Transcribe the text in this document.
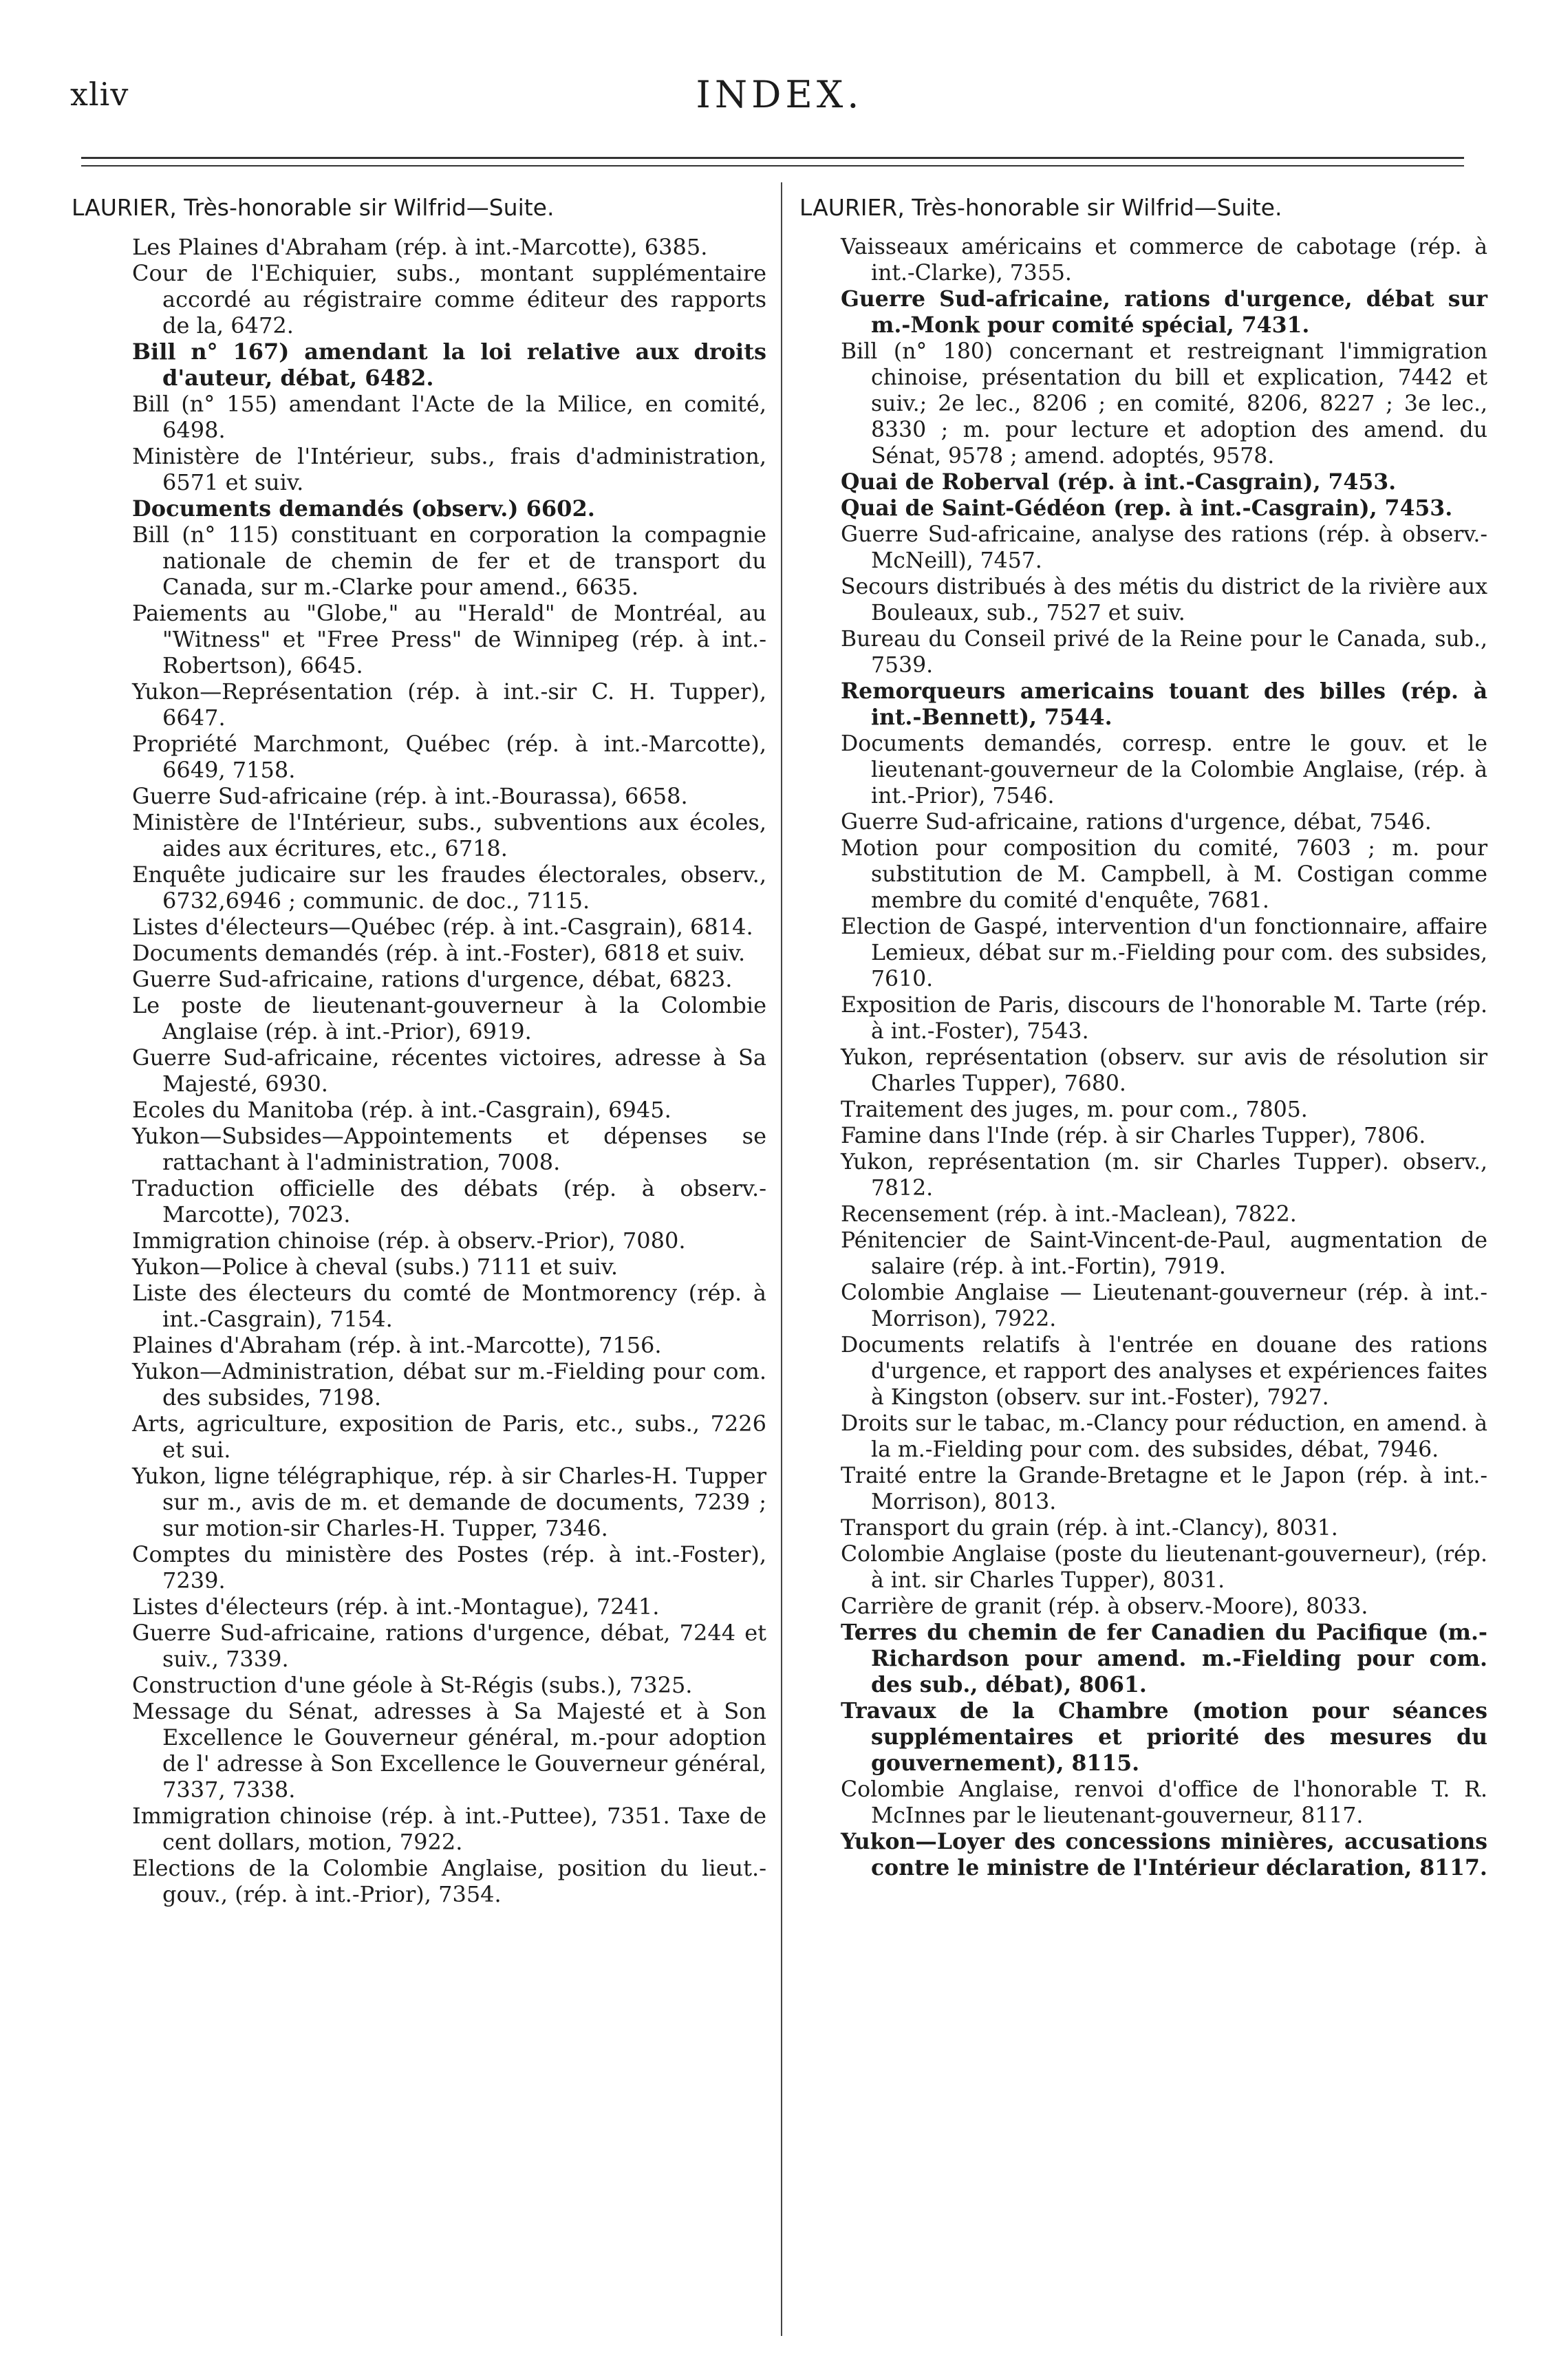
xliv	INDEX.
LAURIER, Très-honorable sir Wilfrid—Suite.
Les Plaines d'Abraham (rép. à int.-Marcotte), 6385.
Cour de l'Echiquier, subs., montant supplémentaire accordé au régistraire comme éditeur des rapports de la, 6472.
Bill n° 167) amendant la loi relative aux droits d'auteur, débat, 6482.
Bill (n° 155) amendant l'Acte de la Milice, en comité, 6498.
Ministère de l'Intérieur, subs., frais d'administration, 6571 et suiv.
Documents demandés (observ.) 6602.
Bill (n° 115) constituant en corporation la compagnie nationale de chemin de fer et de transport du Canada, sur m.-Clarke pour amend., 6635.
Paiements au "Globe," au "Herald" de Montréal, au "Witness" et "Free Press" de Winnipeg (rép. à int.-Robertson), 6645.
Yukon—Représentation (rép. à int.-sir C. H. Tupper), 6647.
Propriété Marchmont, Québec (rép. à int.-Marcotte), 6649, 7158.
Guerre Sud-africaine (rép. à int.-Bourassa), 6658.
Ministère de l'Intérieur, subs., subventions aux écoles, aides aux écritures, etc., 6718.
Enquête judicaire sur les fraudes électorales, observ., 6732,6946 ; communic. de doc., 7115.
Listes d'électeurs—Québec (rép. à int.-Casgrain), 6814.
Documents demandés (rép. à int.-Foster), 6818 et suiv.
Guerre Sud-africaine, rations d'urgence, débat, 6823.
Le poste de lieutenant-gouverneur à la Colombie Anglaise (rép. à int.-Prior), 6919.
Guerre Sud-africaine, récentes victoires, adresse à Sa Majesté, 6930.
Ecoles du Manitoba (rép. à int.-Casgrain), 6945.
Yukon—Subsides—Appointements et dépenses se rattachant à l'administration, 7008.
Traduction officielle des débats (rép. à observ.-Marcotte), 7023.
Immigration chinoise (rép. à observ.-Prior), 7080.
Yukon—Police à cheval (subs.) 7111 et suiv.
Liste des électeurs du comté de Montmorency (rép. à int.-Casgrain), 7154.
Plaines d'Abraham (rép. à int.-Marcotte), 7156.
Yukon—Administration, débat sur m.-Fielding pour com. des subsides, 7198.
Arts, agriculture, exposition de Paris, etc., subs., 7226 et sui.
Yukon, ligne télégraphique, rép. à sir Charles-H. Tupper sur m., avis de m. et demande de documents, 7239 ; sur motion-sir Charles-H. Tupper, 7346.
Comptes du ministère des Postes (rép. à int.-Foster), 7239.
Listes d'électeurs (rép. à int.-Montague), 7241.
Guerre Sud-africaine, rations d'urgence, débat, 7244 et suiv., 7339.
Construction d'une géole à St-Régis (subs.), 7325.
Message du Sénat, adresses à Sa Majesté et à Son Excellence le Gouverneur général, m.-pour adoption de l' adresse à Son Excellence le Gouverneur général, 7337, 7338.
Immigration chinoise (rép. à int.-Puttee), 7351. Taxe de cent dollars, motion, 7922.
Elections de la Colombie Anglaise, position du lieut.-gouv., (rép. à int.-Prior), 7354.
LAURIER, Très-honorable sir Wilfrid—Suite.
Vaisseaux américains et commerce de cabotage (rép. à int.-Clarke), 7355.
Guerre Sud-africaine, rations d'urgence, débat sur m.-Monk pour comité spécial, 7431.
Bill (n° 180) concernant et restreignant l'immigration chinoise, présentation du bill et explication, 7442 et suiv.; 2e lec., 8206 ; en comité, 8206, 8227 ; 3e lec., 8330 ; m. pour lecture et adoption des amend. du Sénat, 9578 ; amend. adoptés, 9578.
Quai de Roberval (rép. à int.-Casgrain), 7453.
Quai de Saint-Gédéon (rep. à int.-Casgrain), 7453.
Guerre Sud-africaine, analyse des rations (rép. à observ.-McNeill), 7457.
Secours distribués à des métis du district de la rivière aux Bouleaux, sub., 7527 et suiv.
Bureau du Conseil privé de la Reine pour le Canada, sub., 7539.
Remorqueurs americains touant des billes (rép. à int.-Bennett), 7544.
Documents demandés, corresp. entre le gouv. et le lieutenant-gouverneur de la Colombie Anglaise, (rép. à int.-Prior), 7546.
Guerre Sud-africaine, rations d'urgence, débat, 7546.
Motion pour composition du comité, 7603 ; m. pour substitution de M. Campbell, à M. Costigan comme membre du comité d'enquête, 7681.
Election de Gaspé, intervention d'un fonctionnaire, affaire Lemieux, débat sur m.-Fielding pour com. des subsides, 7610.
Exposition de Paris, discours de l'honorable M. Tarte (rép. à int.-Foster), 7543.
Yukon, représentation (observ. sur avis de résolution sir Charles Tupper), 7680.
Traitement des juges, m. pour com., 7805.
Famine dans l'Inde (rép. à sir Charles Tupper), 7806.
Yukon, représentation (m. sir Charles Tupper). observ., 7812.
Recensement (rép. à int.-Maclean), 7822.
Pénitencier de Saint-Vincent-de-Paul, augmentation de salaire (rép. à int.-Fortin), 7919.
Colombie Anglaise — Lieutenant-gouverneur (rép. à int.-Morrison), 7922.
Documents relatifs à l'entrée en douane des rations d'urgence, et rapport des analyses et expériences faites à Kingston (observ. sur int.-Foster), 7927.
Droits sur le tabac, m.-Clancy pour réduction, en amend. à la m.-Fielding pour com. des subsides, débat, 7946.
Traité entre la Grande-Bretagne et le Japon (rép. à int.-Morrison), 8013.
Transport du grain (rép. à int.-Clancy), 8031.
Colombie Anglaise (poste du lieutenant-gouverneur), (rép. à int. sir Charles Tupper), 8031.
Carrière de granit (rép. à observ.-Moore), 8033.
Terres du chemin de fer Canadien du Pacifique (m.-Richardson pour amend. m.-Fielding pour com. des sub., débat), 8061.
Travaux de la Chambre (motion pour séances supplémentaires et priorité des mesures du gouvernement), 8115.
Colombie Anglaise, renvoi d'office de l'honorable T. R. McInnes par le lieutenant-gouverneur, 8117.
Yukon—Loyer des concessions minières, accusations contre le ministre de l'Intérieur déclaration, 8117.
